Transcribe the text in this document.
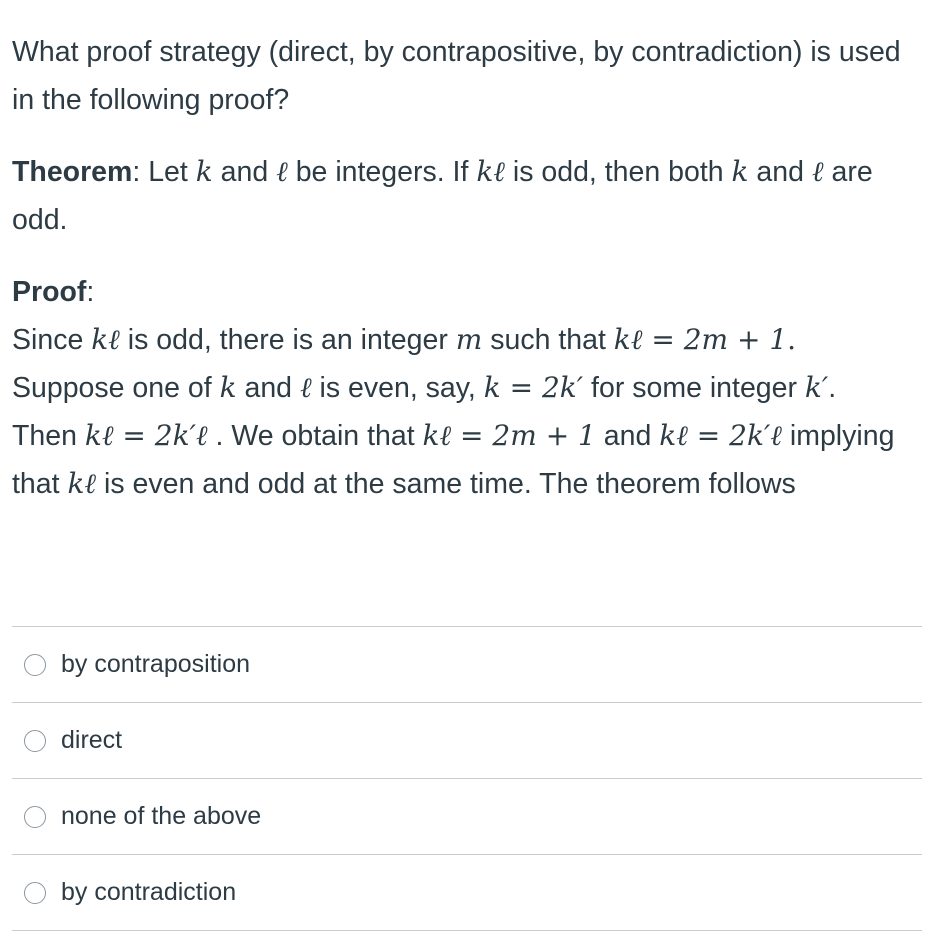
What proof strategy (direct, by contrapositive, by contradiction) is used in the following proof?

Theorem: Let k and ℓ be integers. If kℓ is odd, then both k and ℓ are odd.

Proof:

Since kℓ is odd, there is an integer m such that kℓ = 2m + 1.
Suppose one of k and ℓ is even, say, k = 2k′ for some integer k′.
Then kℓ = 2k′ℓ . We obtain that kℓ = 2m + 1 and kℓ = 2k′ℓ implying that kℓ is even and odd at the same time. The theorem follows

by contraposition
direct
none of the above
by contradiction
